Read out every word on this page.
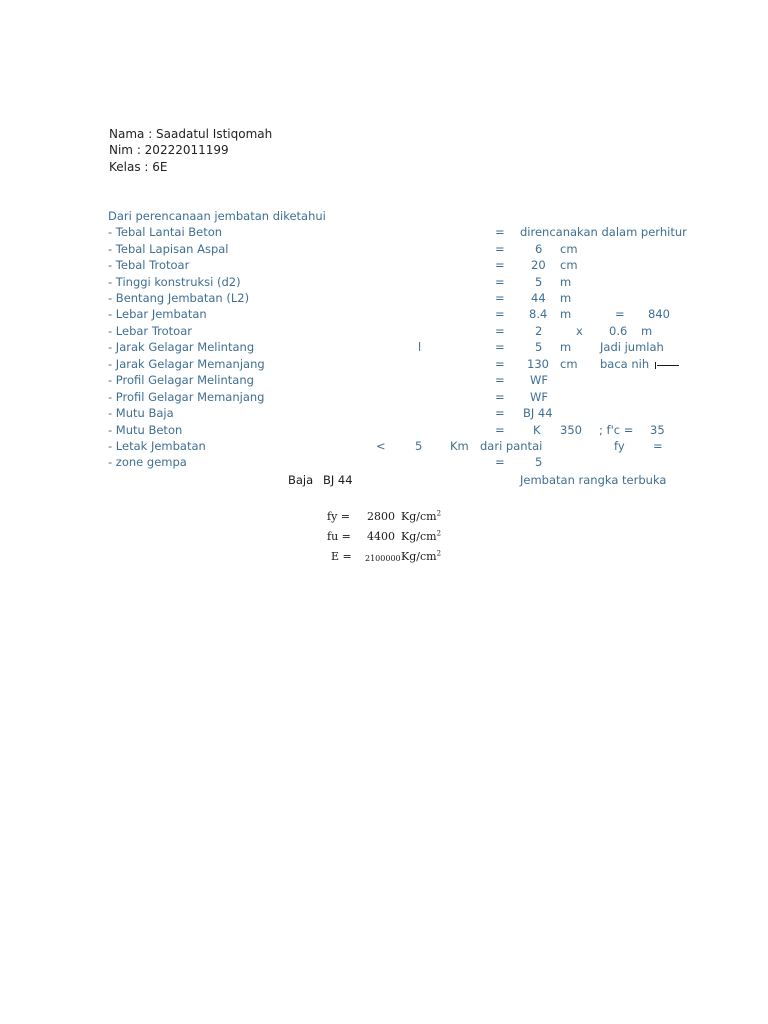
Nama : Saadatul Istiqomah
Nim : 20222011199
Kelas : 6E
Dari perencanaan jembatan diketahui
- Tebal Lantai Beton	= direncanakan dalam perhitur
- Tebal Lapisan Aspal	=	6 cm
- Tebal Trotoar	= 20 cm
- Tinggi konstruksi (d2)	=	5 m
- Bentang Jembatan (L2)	= 44 m
- Lebar Jembatan	= 8.4 m	= 840
- Lebar Trotoar	=	2	x 0.6 m
- Jarak Gelagar Melintang	l	=	5 m	Jadi jumlah
- Jarak Gelagar Memanjang	= 130 cm baca nih
- Profil Gelagar Melintang	= WF
- Profil Gelagar Memanjang	= WF
- Mutu Baja	= BJ 44
- Mutu Beton	= K 350 ; f'c = 35
- Letak Jembatan	<	5 Km dari pantai	fy =
- zone gempa	=	5
Baja BJ 44	Jembatan rangka terbuka
fy = 2800 $Kg/cm^2$
fu = 4400 $Kg/cm^2$
E = 2100000 $Kg/cm^2$
